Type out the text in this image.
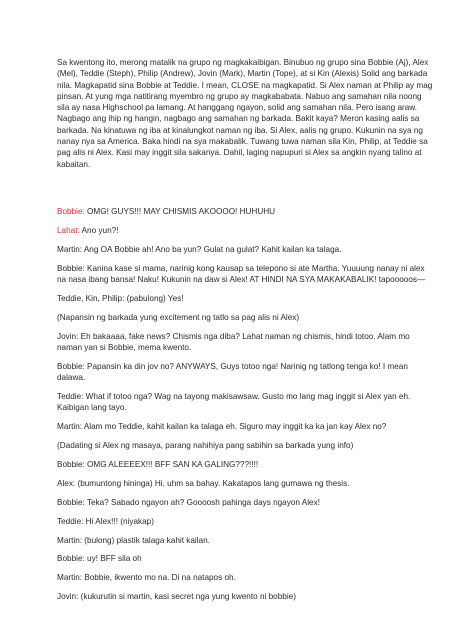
Sa kwentong ito, merong matalik na grupo ng magkakaibigan. Binubuo ng grupo sina Bobbie (Aj), Alex (Mel), Teddie (Steph), Philip (Andrew), Jovin (Mark), Martin (Tope), at si Kin (Alexis) Solid ang barkada nila. Magkapatid sina Bobbie at Teddie. I mean, CLOSE na magkapatid. Si Alex naman at Philip ay mag pinsan. At yung mga natitirang myembro ng grupo ay magkababata. Nabuo ang samahan nila noong sila ay nasa Highschool pa lamang. At hanggang ngayon, solid ang samahan nila. Pero isang araw. Nagbago ang ihip ng hangin, nagbago ang samahan ng barkada. Bakit kaya? Meron kasing aalis sa barkada. Na kinatuwa ng iba at kinalungkot naman ng iba. Si Alex, aalis ng grupo. Kukunin na sya ng nanay nya sa America. Baka hindi na sya makabalik. Tuwang tuwa naman sila Kin, Philip, at Teddie sa pag alis ni Alex. Kasi may inggit sila sakanya. Dahil, laging napupuri si Alex sa angkin nyang talino at kabaitan.

Bobbie: OMG! GUYS!!! MAY CHISMIS AKOOOO! HUHUHU

Lahat: Ano yun?!

Martin: Ang OA Bobbie ah! Ano ba yun? Gulat na gulat? Kahit kailan ka talaga.

Bobbie: Kanina kase si mama, narinig kong kausap sa telepono si ate Martha. Yuuuung nanay ni alex na nasa ibang bansa! Naku! Kukunin na daw si Alex! AT HINDI NA SYA MAKAKABALIK! tapooooos—

Teddie, Kin, Philip: (pabulong) Yes!

(Napansin ng barkada yung excitement ng tatlo sa pag alis ni Alex)

Jovin: Eh bakaaaa, fake news? Chismis nga diba? Lahat naman ng chismis, hindi totoo. Alam mo naman yan si Bobbie, mema kwento.

Bobbie: Papansin ka din jov no? ANYWAYS, Guys totoo nga! Narinig ng tatlong tenga ko! I mean dalawa.

Teddie: What if totoo nga? Wag na tayong makisawsaw. Gusto mo lang mag inggit si Alex yan eh. Kaibigan lang tayo.

Martin: Alam mo Teddie, kahit kailan ka talaga eh. Siguro may inggit ka ka jan kay Alex no?

(Dadating si Alex ng masaya, parang nahihiya pang sabihin sa barkada yung info)

Bobbie: OMG ALEEEEX!!! BFF SAN KA GALING???!!!!

Alex: (bumuntong hininga) Hi, uhm sa bahay. Kakatapos lang gumawa ng thesis.

Bobbie: Teka? Sabado ngayon ah? Goooosh pahinga days ngayon Alex!

Teddie: Hi Alex!!! (niyakap)

Martin: (bulong) plastik talaga kahit kailan.

Bobbie: uy! BFF sila oh

Martin: Bobbie, ikwento mo na. Di na natapos oh.

Jovin: (kukurutin si martin, kasi secret nga yung kwento ni bobbie)
